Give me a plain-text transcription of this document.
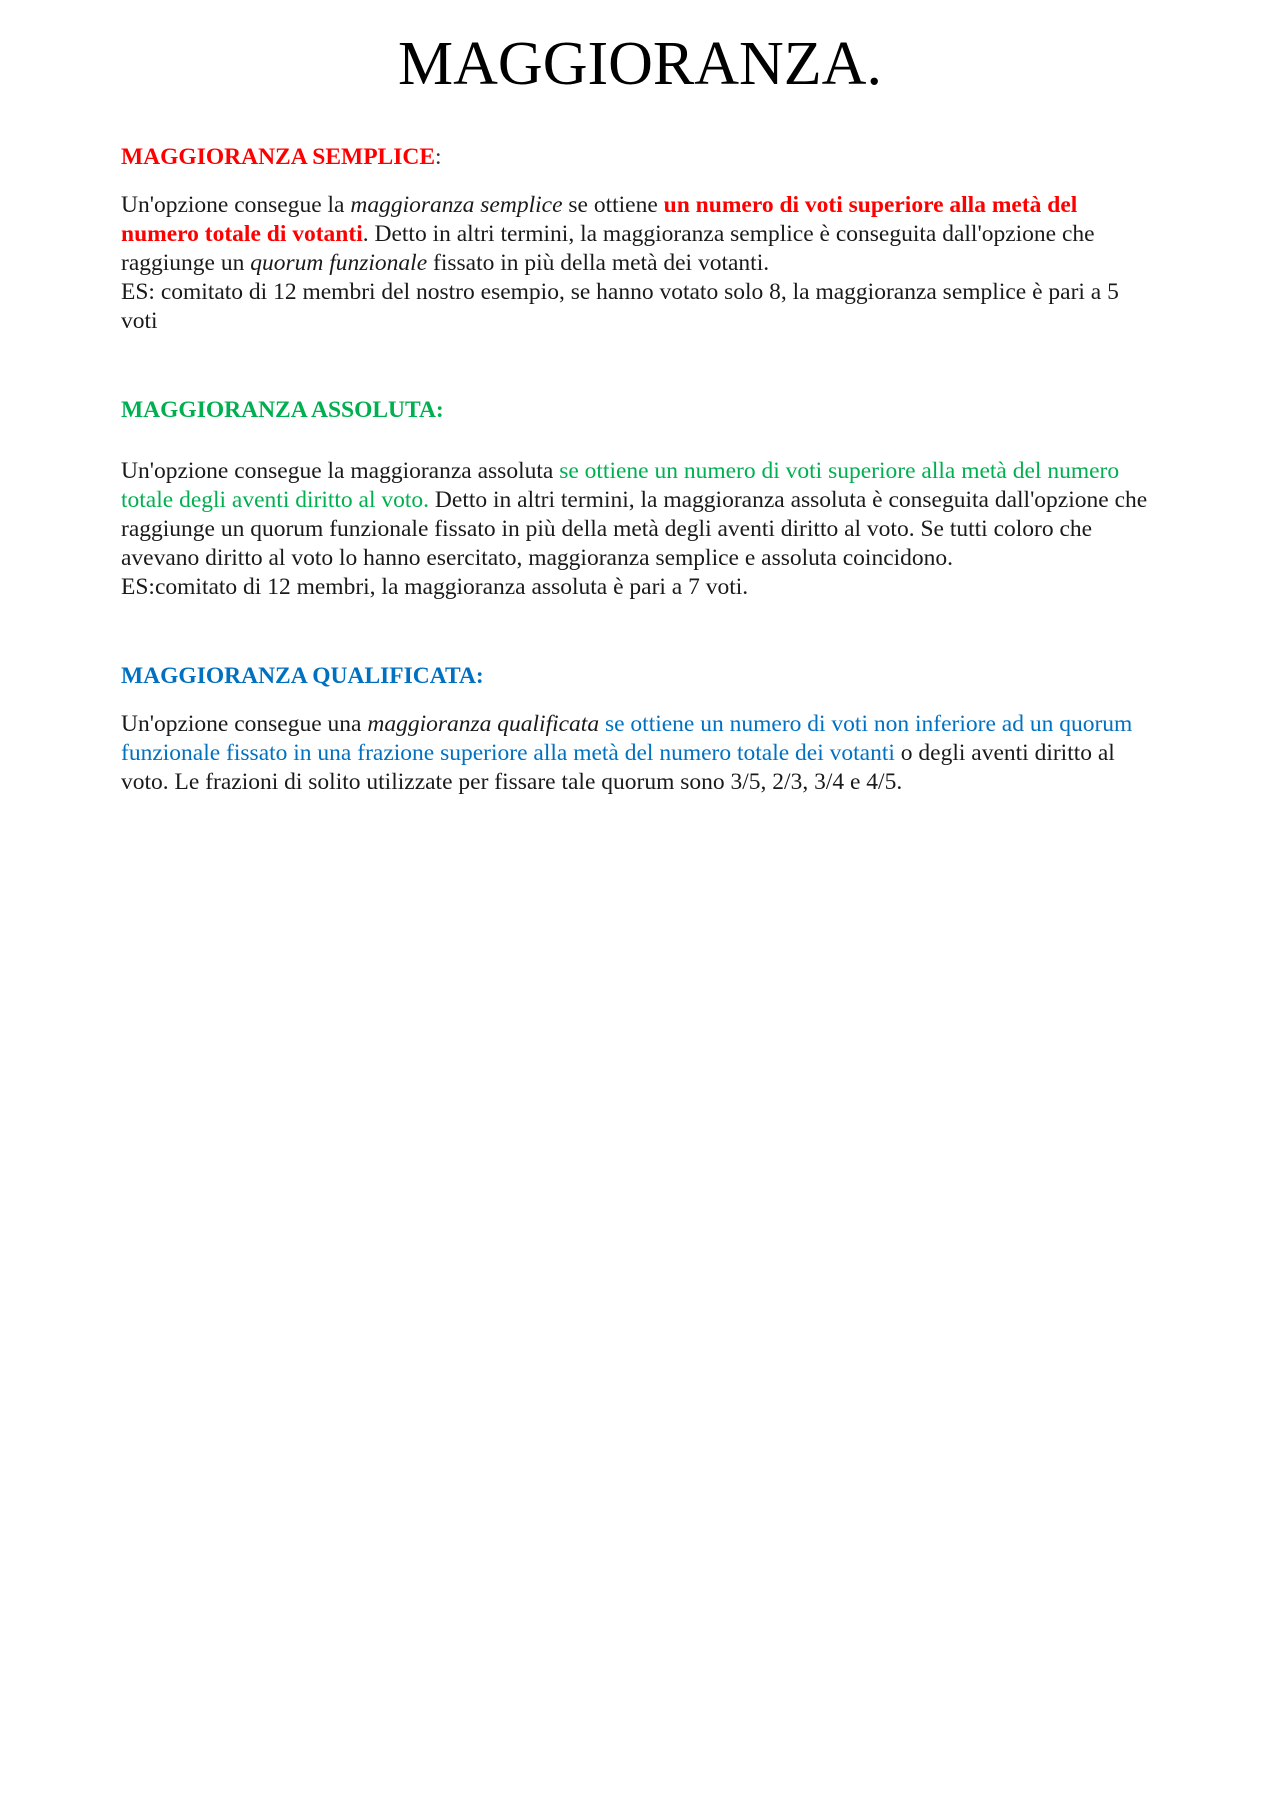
MAGGIORANZA.
MAGGIORANZA SEMPLICE:

Un'opzione consegue la maggioranza semplice se ottiene un numero di voti superiore alla metà del numero totale di votanti. Detto in altri termini, la maggioranza semplice è conseguita dall'opzione che raggiunge un quorum funzionale fissato in più della metà dei votanti.

ES: comitato di 12 membri del nostro esempio, se hanno votato solo 8, la maggioranza semplice è pari a 5 voti

MAGGIORANZA ASSOLUTA:

Un'opzione consegue la maggioranza assoluta se ottiene un numero di voti superiore alla metà del numero totale degli aventi diritto al voto. Detto in altri termini, la maggioranza assoluta è conseguita dall'opzione che raggiunge un quorum funzionale fissato in più della metà degli aventi diritto al voto. Se tutti coloro che avevano diritto al voto lo hanno esercitato, maggioranza semplice e assoluta coincidono.

ES:comitato di 12 membri, la maggioranza assoluta è pari a 7 voti.

MAGGIORANZA QUALIFICATA:

Un'opzione consegue una maggioranza qualificata se ottiene un numero di voti non inferiore ad un quorum funzionale fissato in una frazione superiore alla metà del numero totale dei votanti o degli aventi diritto al voto. Le frazioni di solito utilizzate per fissare tale quorum sono 3/5, 2/3, 3/4 e 4/5.
